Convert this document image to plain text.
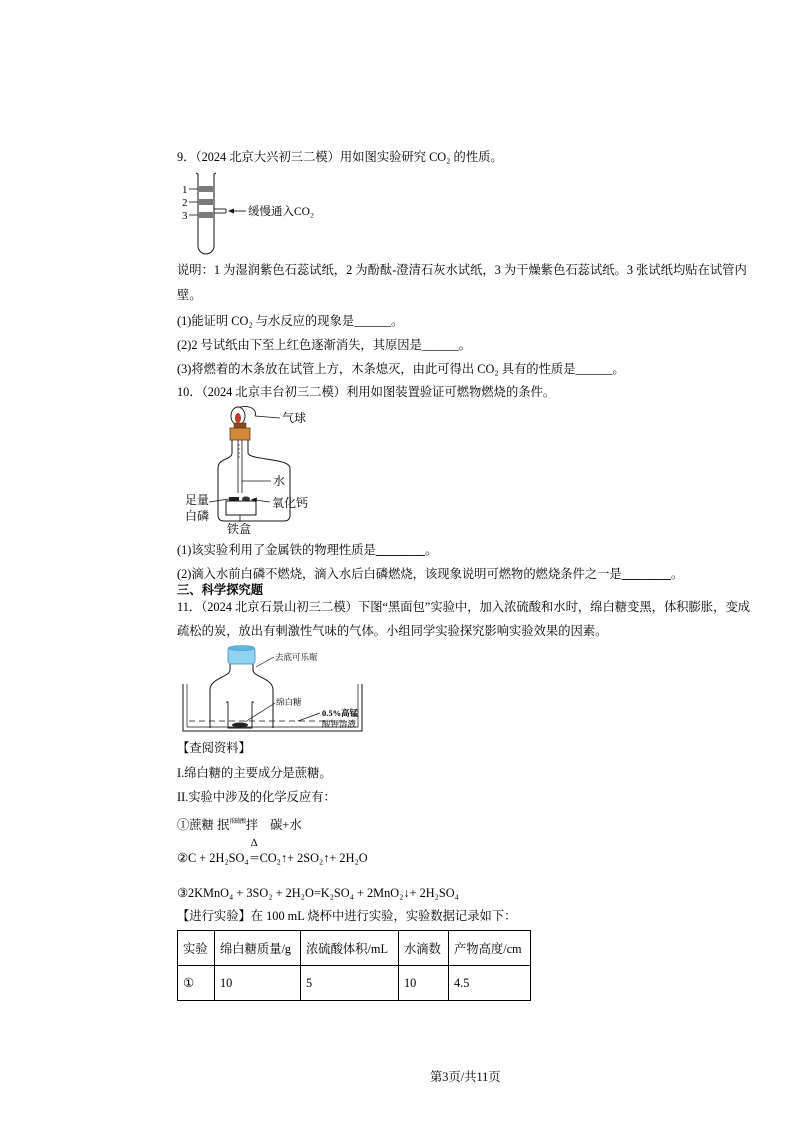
9．（2024 北京大兴初三二模）用如图实验研究 CO₂ 的性质。
1
2
3	缓慢通入CO₂
说明：1 为湿润紫色石蕊试纸，2 为酚酞-澄清石灰水试纸，3 为干燥紫色石蕊试纸。3 张试纸均贴在试管内
壁。
(1)能证明 CO₂ 与水反应的现象是______。
(2)2 号试纸由下至上红色逐渐消失，其原因是______。
(3)将燃着的木条放在试管上方，木条熄灭，由此可得出 CO₂ 具有的性质是______。
10．（2024 北京丰台初三二模）利用如图装置验证可燃物燃烧的条件。
气球
水
氧化钙
足量
白磷
铁盒
(1)该实验利用了金属铁的物理性质是________。
(2)滴入水前白磷不燃烧，滴入水后白磷燃烧，该现象说明可燃物的燃烧条件之一是________。
三、科学探究题
11．（2024 北京石景山初三二模）下图“黑面包”实验中，加入浓硫酸和水时，绵白糖变黑，体积膨胀，变成
疏松的炭，放出有刺激性气味的气体。小组同学实验探究影响实验效果的因素。
去底可乐瓶
绵白糖
0.5%高锰
酸钾溶液
【查阅资料】
I.绵白糖的主要成分是蔗糖。
II.实验中涉及的化学反应有：
①蔗糖 抿$^{浓硫酸}$拌 碳+水
②C + 2H₂SO₄
Δ
=CO₂↑+ 2SO₂↑+ 2H₂O
③2KMnO₄ + 3SO₂ + 2H₂O=K₂SO₄ + 2MnO₂↓+ 2H₂SO₄
【进行实验】在 100 mL 烧杯中进行实验，实验数据记录如下：
实验	绵白糖质量/g	浓硫酸体积/mL	水滴数	产物高度/cm
①	10	5	10	4.5
第3页/共11页
